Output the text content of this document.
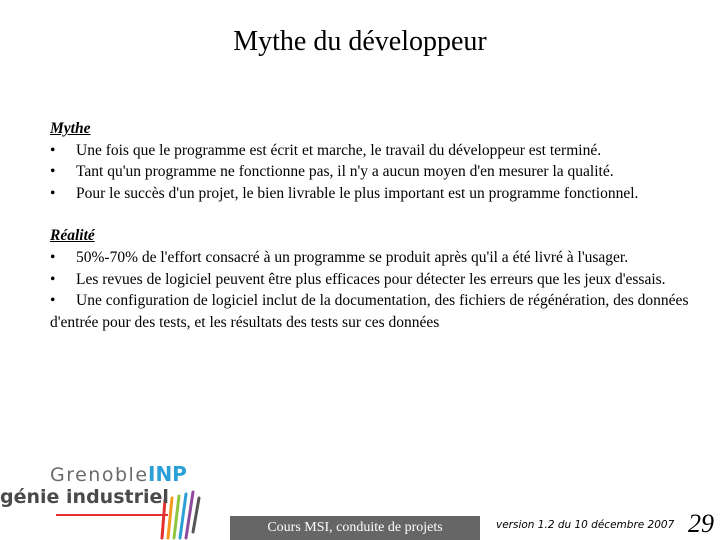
Mythe du développeur
Mythe
• Une fois que le programme est écrit et marche, le travail du développeur est terminé.
• Tant qu'un programme ne fonctionne pas, il n'y a aucun moyen d'en mesurer la qualité.
• Pour le succès d'un projet, le bien livrable le plus important est un programme fonctionnel.
Réalité
• 50%-70% de l'effort consacré à un programme se produit après qu'il a été livré à l'usager.
• Les revues de logiciel peuvent être plus efficaces pour détecter les erreurs que les jeux d'essais.
• Une configuration de logiciel inclut de la documentation, des fichiers de régénération, des données d'entrée pour des tests, et les résultats des tests sur ces données
Grenoble INP
génie industriel
Cours MSI, conduite de projets	version 1.2 du 10 décembre 2007 29
